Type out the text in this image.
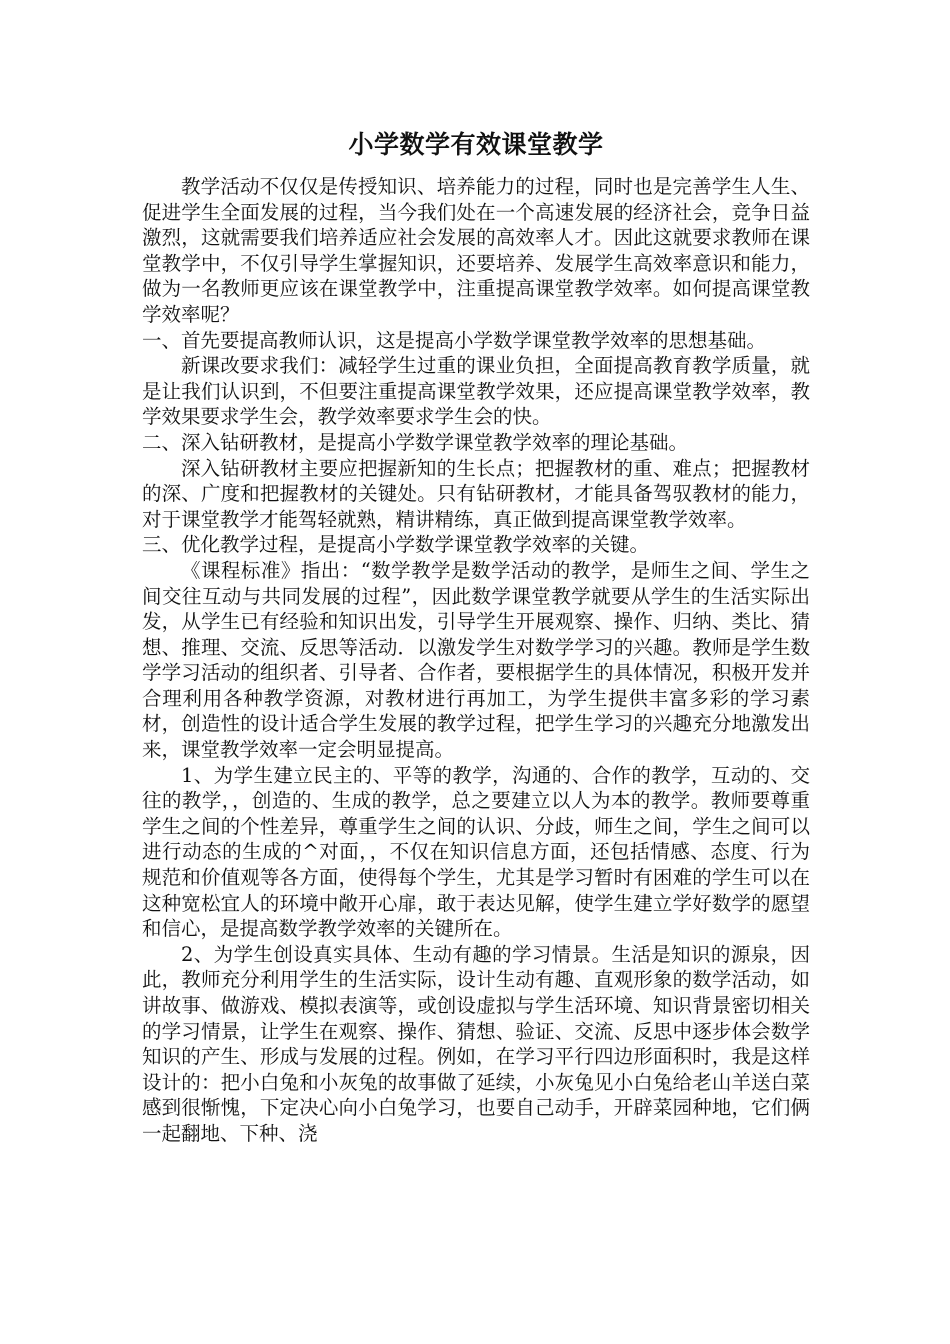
小学数学有效课堂教学

教学活动不仅仅是传授知识、培养能力的过程，同时也是完善学生人生、促进学生全面发展的过程，当今我们处在一个高速发展的经济社会，竞争日益激烈，这就需要我们培养适应社会发展的高效率人才。因此这就要求教师在课堂教学中，不仅引导学生掌握知识，还要培养、发展学生高效率意识和能力，做为一名教师更应该在课堂教学中，注重提高课堂教学效率。如何提高课堂教学效率呢？

一、首先要提高教师认识，这是提高小学数学课堂教学效率的思想基础。

新课改要求我们：减轻学生过重的课业负担，全面提高教育教学质量，就是让我们认识到，不但要注重提高课堂教学效果，还应提高课堂教学效率，教学效果要求学生会，教学效率要求学生会的快。

二、深入钻研教材，是提高小学数学课堂教学效率的理论基础。

深入钻研教材主要应把握新知的生长点；把握教材的重、难点；把握教材的深、广度和把握教材的关键处。只有钻研教材，才能具备驾驭教材的能力，对于课堂教学才能驾轻就熟，精讲精练，真正做到提高课堂教学效率。

三、优化教学过程，是提高小学数学课堂教学效率的关键。

《课程标准》指出：“数学教学是数学活动的教学，是师生之间、学生之间交往互动与共同发展的过程”，因此数学课堂教学就要从学生的生活实际出发，从学生已有经验和知识出发，引导学生开展观察、操作、归纳、类比、猜想、推理、交流、反思等活动．以激发学生对数学学习的兴趣。教师是学生数学学习活动的组织者、引导者、合作者，要根据学生的具体情况，积极开发并合理利用各种教学资源，对教材进行再加工，为学生提供丰富多彩的学习素材，创造性的设计适合学生发展的教学过程，把学生学习的兴趣充分地激发出来，课堂教学效率一定会明显提高。

1、为学生建立民主的、平等的教学，沟通的、合作的教学，互动的、交往的教学，，创造的、生成的教学，总之要建立以人为本的教学。教师要尊重学生之间的个性差异，尊重学生之间的认识、分歧，师生之间，学生之间可以进行动态的生成的^对面，，不仅在知识信息方面，还包括情感、态度、行为规范和价值观等各方面，使得每个学生，尤其是学习暂时有困难的学生可以在这种宽松宜人的环境中敞开心扉，敢于表达见解，使学生建立学好数学的愿望和信心，是提高数学教学效率的关键所在。

2、为学生创设真实具体、生动有趣的学习情景。生活是知识的源泉，因此，教师充分利用学生的生活实际，设计生动有趣、直观形象的数学活动，如讲故事、做游戏、模拟表演等，或创设虚拟与学生活环境、知识背景密切相关的学习情景，让学生在观察、操作、猜想、验证、交流、反思中逐步体会数学知识的产生、形成与发展的过程。例如，在学习平行四边形面积时，我是这样设计的：把小白兔和小灰兔的故事做了延续，小灰兔见小白兔给老山羊送白菜感到很惭愧，下定决心向小白兔学习，也要自己动手，开辟菜园种地，它们俩一起翻地、下种、浇
